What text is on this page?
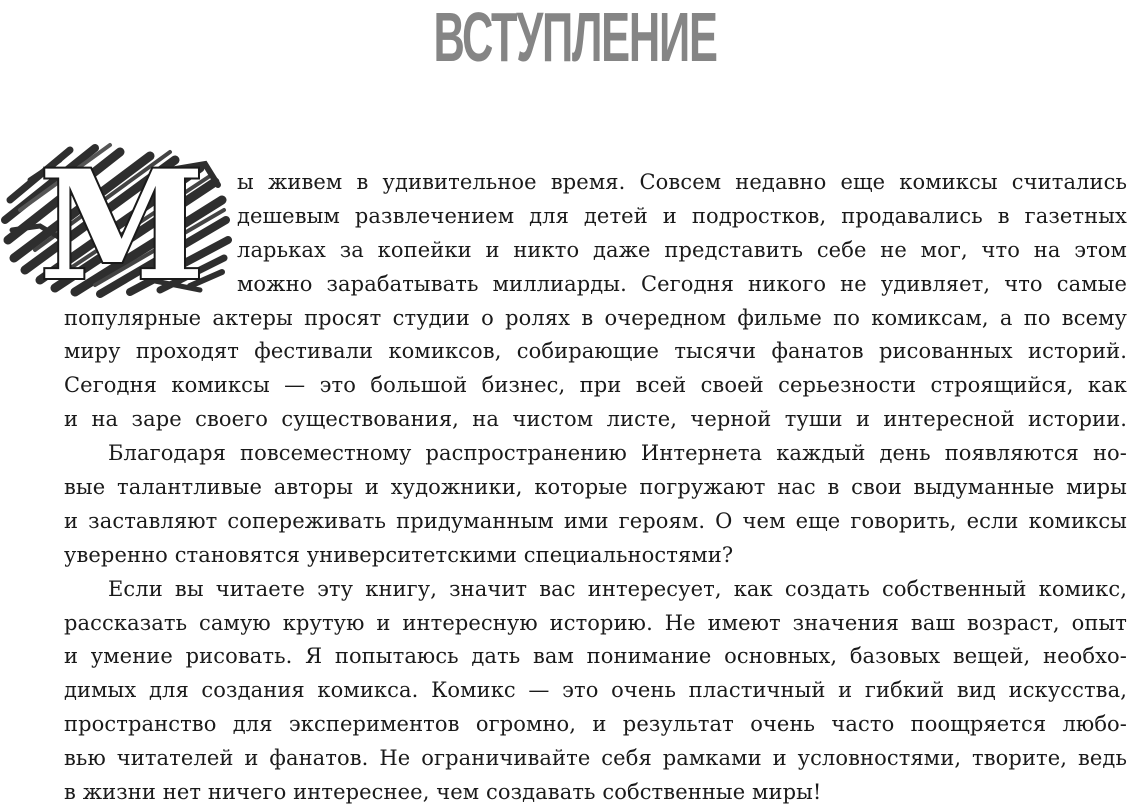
ВСТУПЛЕНИЕ
М	ы живем в удивительное время. Совсем недавно еще комиксы считались
дешевым развлечением для детей и подростков, продавались в газетных
ларьках за копейки и никто даже представить себе не мог, что на этом
можно зарабатывать миллиарды. Сегодня никого не удивляет, что самые
популярные актеры просят студии о ролях в очередном фильме по комиксам, а по всему
миру проходят фестивали комиксов, собирающие тысячи фанатов рисованных историй.
Сегодня комиксы — это большой бизнес, при всей своей серьезности строящийся, как
и на заре своего существования, на чистом листе, черной туши и интересной истории.
Благодаря повсеместному распространению Интернета каждый день появляются но-
вые талантливые авторы и художники, которые погружают нас в свои выдуманные миры
и заставляют сопереживать придуманным ими героям. О чем еще говорить, если комиксы
уверенно становятся университетскими специальностями?
Если вы читаете эту книгу, значит вас интересует, как создать собственный комикс,
рассказать самую крутую и интересную историю. Не имеют значения ваш возраст, опыт
и умение рисовать. Я попытаюсь дать вам понимание основных, базовых вещей, необхо-
димых для создания комикса. Комикс — это очень пластичный и гибкий вид искусства,
пространство для экспериментов огромно, и результат очень часто поощряется любо-
вью читателей и фанатов. Не ограничивайте себя рамками и условностями, творите, ведь
в жизни нет ничего интереснее, чем создавать собственные миры!
